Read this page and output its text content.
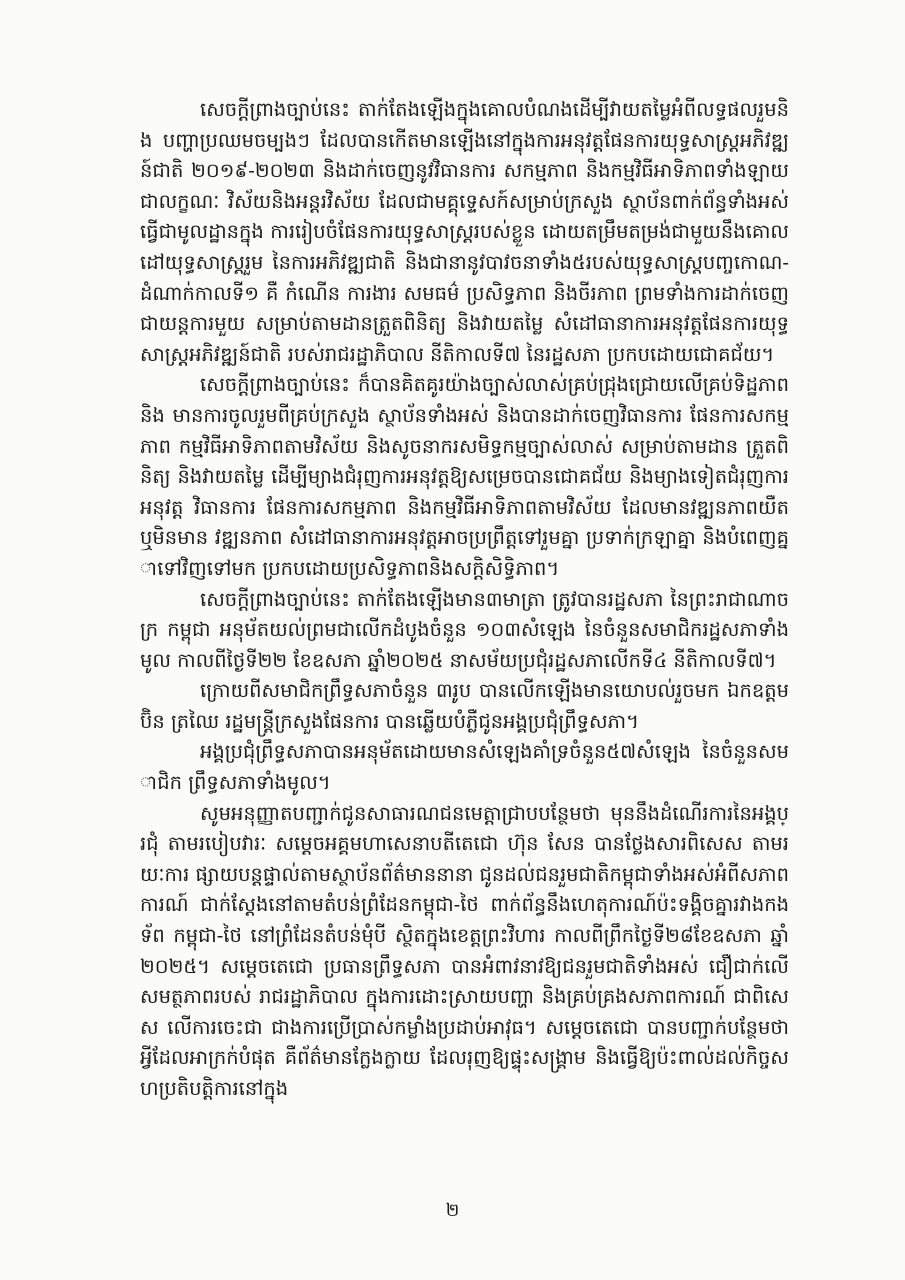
សេចក្តីព្រាងច្បាប់នេះ តាក់តែងឡើងក្នុងគោលបំណងដើម្បីវាយតម្លៃអំពីលទ្ធផលរួមនិង បញ្ហាប្រឈមចម្បងៗ ដែលបានកើតមានឡើងនៅក្នុងការអនុវត្តផែនការយុទ្ធសាស្ត្រអភិវឌ្ឍន៍ជាតិ ២០១៩-២០២៣ និងដាក់ចេញនូវវិធានការ សកម្មភាព និងកម្មវិធីអាទិភាពទាំងឡាយជាលក្ខណៈ វិស័យនិងអន្តរវិស័យ ដែលជាមគ្គុទ្ទេសក៍សម្រាប់ក្រសួង ស្ថាប័នពាក់ព័ន្ធទាំងអស់ ធ្វើជាមូលដ្ឋានក្នុង ការរៀបចំផែនការយុទ្ធសាស្ត្ររបស់ខ្លួន ដោយតម្រឹមតម្រង់ជាមួយនឹងគោលដៅយុទ្ធសាស្ត្ររួម នៃការអភិវឌ្ឍជាតិ និងជានានូវបាវចនាទាំង៥របស់យុទ្ធសាស្ត្របញ្ចកោណ-ដំណាក់កាលទី១ គឺ កំណើន ការងារ សមធម៌ ប្រសិទ្ធភាព និងចីរភាព ព្រមទាំងការដាក់ចេញជាយន្តការមួយ សម្រាប់តាមដានត្រួតពិនិត្យ និងវាយតម្លៃ សំដៅធានាការអនុវត្តផែនការយុទ្ធសាស្ត្រអភិវឌ្ឍន៍ជាតិ របស់រាជរដ្ឋាភិបាល នីតិកាលទី៧ នៃរដ្ឋសភា ប្រកបដោយជោគជ័យ។

សេចក្តីព្រាងច្បាប់នេះ ក៏បានគិតគូរយ៉ាងច្បាស់លាស់គ្រប់ជ្រុងជ្រោយលើគ្រប់ទិដ្ឋភាព និង មានការចូលរួមពីគ្រប់ក្រសួង ស្ថាប័នទាំងអស់ និងបានដាក់ចេញវិធានការ ផែនការសកម្មភាព កម្មវិធីអាទិភាពតាមវិស័យ និងសូចនាករសមិទ្ធកម្មច្បាស់លាស់ សម្រាប់តាមដាន ត្រួតពិនិត្យ និងវាយតម្លៃ ដើម្បីម្យាងជំរុញការអនុវត្តឱ្យសម្រេចបានជោគជ័យ និងម្យាងទៀតជំរុញការអនុវត្ត វិធានការ ផែនការសកម្មភាព និងកម្មវិធីអាទិភាពតាមវិស័យ ដែលមានវឌ្ឍនភាពយឺត ឬមិនមាន វឌ្ឍនភាព សំដៅធានាការអនុវត្តអាចប្រព្រឹត្តទៅរួមគ្នា ប្រទាក់ក្រឡាគ្នា និងបំពេញគ្នាទៅវិញទៅមក ប្រកបដោយប្រសិទ្ធភាពនិងសក្តិសិទ្ធិភាព។

សេចក្តីព្រាងច្បាប់នេះ តាក់តែងឡើងមាន៣មាត្រា ត្រូវបានរដ្ឋសភា នៃព្រះរាជាណាចក្រ កម្ពុជា អនុម័តយល់ព្រមជាលើកដំបូងចំនួន ១០៣សំឡេង នៃចំនួនសមាជិករដ្ឋសភាទាំងមូល កាលពីថ្ងៃទី២២ ខែឧសភា ឆ្នាំ២០២៥ នាសម័យប្រជុំរដ្ឋសភាលើកទី៤ នីតិកាលទី៧។

ក្រោយពីសមាជិកព្រឹទ្ធសភាចំនួន ៣រូប បានលើកឡើងមានយោបល់រួចមក ឯកឧត្តម ប៊ិន ត្រឈៃ រដ្ឋមន្ត្រីក្រសួងផែនការ បានឆ្លើយបំភ្លឺជូនអង្គប្រជុំព្រឹទ្ធសភា។

អង្គប្រជុំព្រឹទ្ធសភាបានអនុម័តដោយមានសំឡេងគាំទ្រចំនួន៥៧សំឡេង នៃចំនួនសមាជិក ព្រឹទ្ធសភាទាំងមូល។

សូមអនុញ្ញាតបញ្ជាក់ជូនសាធារណជនមេត្តាជ្រាបបន្ថែមថា មុននឹងដំណើរការនៃអង្គប្រជុំ តាមរបៀបវារៈ សម្តេចអគ្គមហាសេនាបតីតេជោ ហ៊ុន សែន បានថ្លែងសារពិសេស តាមរយៈការ ផ្សាយបន្តផ្ទាល់តាមស្ថាប័នព័ត៌មាននានា ជូនដល់ជនរួមជាតិកម្ពុជាទាំងអស់អំពីសភាពការណ៍ ជាក់ស្តែងនៅតាមតំបន់ព្រំដែនកម្ពុជា-ថៃ ពាក់ព័ន្ធនឹងហេតុការណ៍ប៉ះទង្គិចគ្នារវាងកងទ័ព កម្ពុជា-ថៃ នៅព្រំដែនតំបន់មុំបី ស្ថិតក្នុងខេត្តព្រះវិហារ កាលពីព្រឹកថ្ងៃទី២៨ខែឧសភា ឆ្នាំ២០២៥។ សម្តេចតេជោ ប្រធានព្រឹទ្ធសភា បានអំពាវនាវឱ្យជនរួមជាតិទាំងអស់ ជឿជាក់លើសមត្ថភាពរបស់ រាជរដ្ឋាភិបាល ក្នុងការដោះស្រាយបញ្ហា និងគ្រប់គ្រងសភាពការណ៍ ជាពិសេស លើការចេះជា ជាងការប្រើប្រាស់កម្លាំងប្រដាប់អាវុធ។ សម្តេចតេជោ បានបញ្ជាក់បន្ថែមថា អ្វីដែលអាក្រក់បំផុត គឺព័ត៌មានក្លែងក្លាយ ដែលរុញឱ្យផ្ទុះសង្គ្រាម និងធ្វើឱ្យប៉ះពាល់ដល់កិច្ចសហប្រតិបត្តិការនៅក្នុង

២
